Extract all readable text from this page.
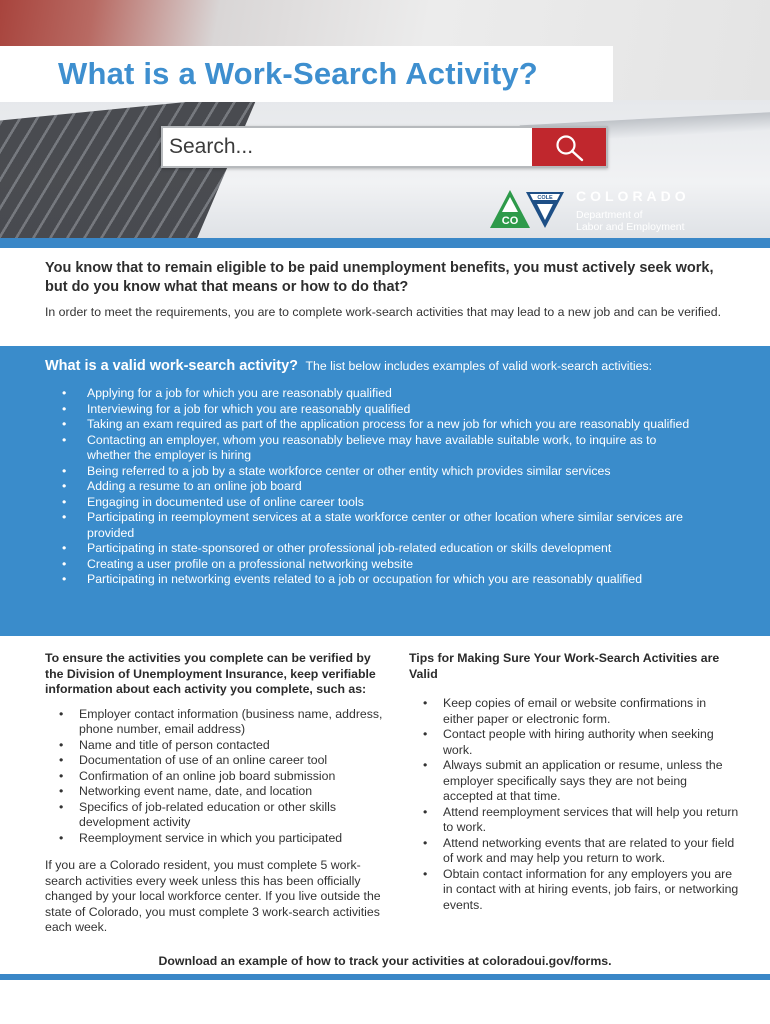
What is a Work-Search Activity?
Search...
CO
COLE COLORADO
Department of
Labor and Employment

You know that to remain eligible to be paid unemployment benefits, you must actively seek work, but do you know what that means or how to do that?

In order to meet the requirements, you are to complete work-search activities that may lead to a new job and can be verified.

What is a valid work-search activity? The list below includes examples of valid work-search activities:
• Applying for a job for which you are reasonably qualified
• Interviewing for a job for which you are reasonably qualified
• Taking an exam required as part of the application process for a new job for which you are reasonably qualified
• Contacting an employer, whom you reasonably believe may have available suitable work, to inquire as to whether the employer is hiring
• Being referred to a job by a state workforce center or other entity which provides similar services
• Adding a resume to an online job board
• Engaging in documented use of online career tools
• Participating in reemployment services at a state workforce center or other location where similar services are provided
• Participating in state-sponsored or other professional job-related education or skills development
• Creating a user profile on a professional networking website
• Participating in networking events related to a job or occupation for which you are reasonably qualified
To ensure the activities you complete can be verified by the Division of Unemployment Insurance, keep verifiable information about each activity you complete, such as:
• Employer contact information (business name, address, phone number, email address)
• Name and title of person contacted
• Documentation of use of an online career tool
• Confirmation of an online job board submission
• Networking event name, date, and location
• Specifics of job-related education or other skills development activity
• Reemployment service in which you participated

If you are a Colorado resident, you must complete 5 work-search activities every week unless this has been officially changed by your local workforce center. If you live outside the state of Colorado, you must complete 3 work-search activities each week.

Tips for Making Sure Your Work-Search Activities are Valid
• Keep copies of email or website confirmations in either paper or electronic form.
• Contact people with hiring authority when seeking work.
• Always submit an application or resume, unless the employer specifically says they are not being accepted at that time.
• Attend reemployment services that will help you return to work.
• Attend networking events that are related to your field of work and may help you return to work.
• Obtain contact information for any employers you are in contact with at hiring events, job fairs, or networking events.

Download an example of how to track your activities at coloradoui.gov/forms.
